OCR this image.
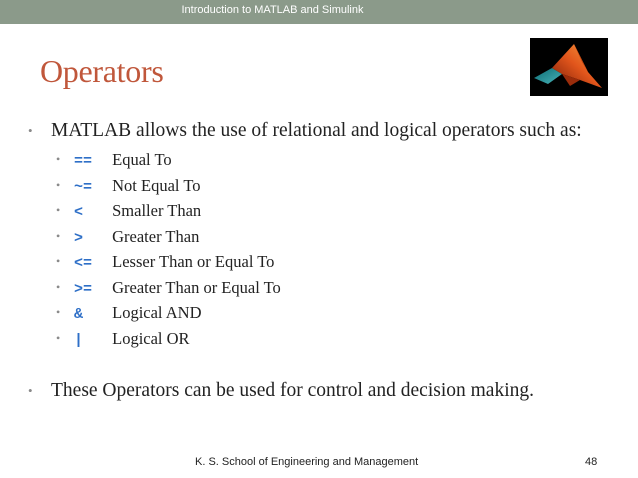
Introduction to MATLAB and Simulink
Operators
• MATLAB allows the use of relational and logical operators such as:
• == Equal To
• ~= Not Equal To
• < Smaller Than
• > Greater Than
• <= Lesser Than or Equal To
• >= Greater Than or Equal To
• & Logical AND
• | Logical OR
• These Operators can be used for control and decision making.
K. S. School of Engineering and Management	48
